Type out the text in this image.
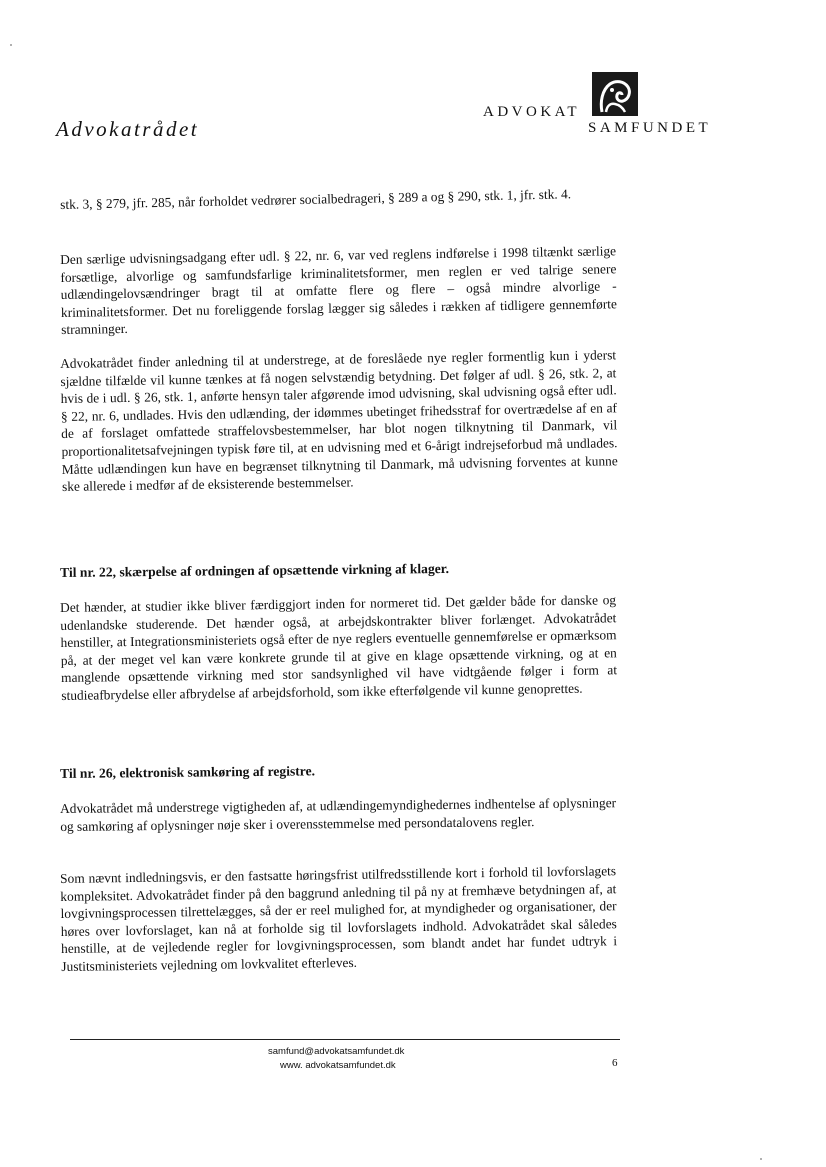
Advokatrådet
ADVOKAT
SAMFUNDET

stk. 3, § 279, jfr. 285, når forholdet vedrører socialbedrageri, § 289 a og § 290, stk. 1, jfr. stk. 4.

Den særlige udvisningsadgang efter udl. § 22, nr. 6, var ved reglens indførelse i 1998 tiltænkt særlige forsætlige, alvorlige og samfundsfarlige kriminalitetsformer, men reglen er ved talrige senere udlændingelovsændringer bragt til at omfatte flere og flere – også mindre alvorlige - kriminalitetsformer. Det nu foreliggende forslag lægger sig således i rækken af tidligere gennemførte stramninger.

Advokatrådet finder anledning til at understrege, at de foreslåede nye regler formentlig kun i yderst sjældne tilfælde vil kunne tænkes at få nogen selvstændig betydning. Det følger af udl. § 26, stk. 2, at hvis de i udl. § 26, stk. 1, anførte hensyn taler afgørende imod udvisning, skal udvisning også efter udl. § 22, nr. 6, undlades. Hvis den udlænding, der idømmes ubetinget frihedsstraf for overtrædelse af en af de af forslaget omfattede straffelovsbestemmelser, har blot nogen tilknytning til Danmark, vil proportionalitetsafvejningen typisk føre til, at en udvisning med et 6-årigt indrejseforbud må undlades. Måtte udlændingen kun have en begrænset tilknytning til Danmark, må udvisning forventes at kunne ske allerede i medfør af de eksisterende bestemmelser.

Til nr. 22, skærpelse af ordningen af opsættende virkning af klager.

Det hænder, at studier ikke bliver færdiggjort inden for normeret tid. Det gælder både for danske og udenlandske studerende. Det hænder også, at arbejdskontrakter bliver forlænget. Advokatrådet henstiller, at Integrationsministeriets også efter de nye reglers eventuelle gennemførelse er opmærksom på, at der meget vel kan være konkrete grunde til at give en klage opsættende virkning, og at en manglende opsættende virkning med stor sandsynlighed vil have vidtgående følger i form at studieafbrydelse eller afbrydelse af arbejdsforhold, som ikke efterfølgende vil kunne genoprettes.

Til nr. 26, elektronisk samkøring af registre.

Advokatrådet må understrege vigtigheden af, at udlændingemyndighedernes indhentelse af oplysninger og samkøring af oplysninger nøje sker i overensstemmelse med persondatalovens regler.

Som nævnt indledningsvis, er den fastsatte høringsfrist utilfredsstillende kort i forhold til lovforslagets kompleksitet. Advokatrådet finder på den baggrund anledning til på ny at fremhæve betydningen af, at lovgivningsprocessen tilrettelægges, så der er reel mulighed for, at myndigheder og organisationer, der høres over lovforslaget, kan nå at forholde sig til lovforslagets indhold. Advokatrådet skal således henstille, at de vejledende regler for lovgivningsprocessen, som blandt andet har fundet udtryk i Justitsministeriets vejledning om lovkvalitet efterleves.

samfund@advokatsamfundet.dk
www. advokatsamfundet.dk	6
